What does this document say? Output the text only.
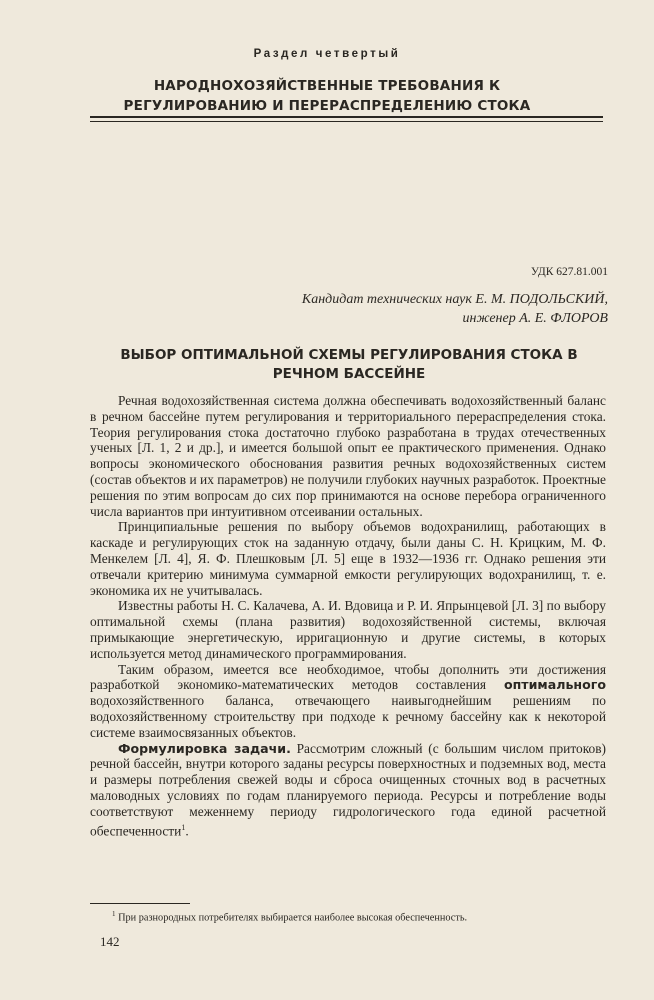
Раздел четвертый
НАРОДНОХОЗЯЙСТВЕННЫЕ ТРЕБОВАНИЯ К РЕГУЛИРОВАНИЮ И ПЕРЕРАСПРЕДЕЛЕНИЮ СТОКА
УДК 627.81.001
Кандидат технических наук Е. М. ПОДОЛЬСКИЙ,
инженер А. Е. ФЛОРОВ
ВЫБОР ОПТИМАЛЬНОЙ СХЕМЫ РЕГУЛИРОВАНИЯ СТОКА В РЕЧНОМ БАССЕЙНЕ

Речная водохозяйственная система должна обеспечивать водохозяйственный баланс в речном бассейне путем регулирования и территориального перераспределения стока. Теория регулирования стока достаточно глубоко разработана в трудах отечественных ученых [Л. 1, 2 и др.], и имеется большой опыт ее практического применения. Однако вопросы экономического обоснования развития речных водохозяйственных систем (состав объектов и их параметров) не получили глубоких научных разработок. Проектные решения по этим вопросам до сих пор принимаются на основе перебора ограниченного числа вариантов при интуитивном отсеивании остальных.

Принципиальные решения по выбору объемов водохранилищ, работающих в каскаде и регулирующих сток на заданную отдачу, были даны С. Н. Крицким, М. Ф. Менкелем [Л. 4], Я. Ф. Плешковым [Л. 5] еще в 1932—1936 гг. Однако решения эти отвечали критерию минимума суммарной емкости регулирующих водохранилищ, т. е. экономика их не учитывалась.

Известны работы Н. С. Калачева, А. И. Вдовица и Р. И. Япрынцевой [Л. 3] по выбору оптимальной схемы (плана развития) водохозяйственной системы, включая примыкающие энергетическую, ирригационную и другие системы, в которых используется метод динамического программирования.

Таким образом, имеется все необходимое, чтобы дополнить эти достижения разработкой экономико-математических методов составления оптимального водохозяйственного баланса, отвечающего наивыгоднейшим решениям по водохозяйственному строительству при подходе к речному бассейну как к некоторой системе взаимосвязанных объектов.

Формулировка задачи. Рассмотрим сложный (с большим числом притоков) речной бассейн, внутри которого заданы ресурсы поверхностных и подземных вод, места и размеры потребления свежей воды и сброса очищенных сточных вод в расчетных маловодных условиях по годам планируемого периода. Ресурсы и потребление воды соответствуют меженнему периоду гидрологического года единой расчетной обеспеченности$^1$.

$^1$ При разнородных потребителях выбирается наиболее высокая обеспеченность.
142
